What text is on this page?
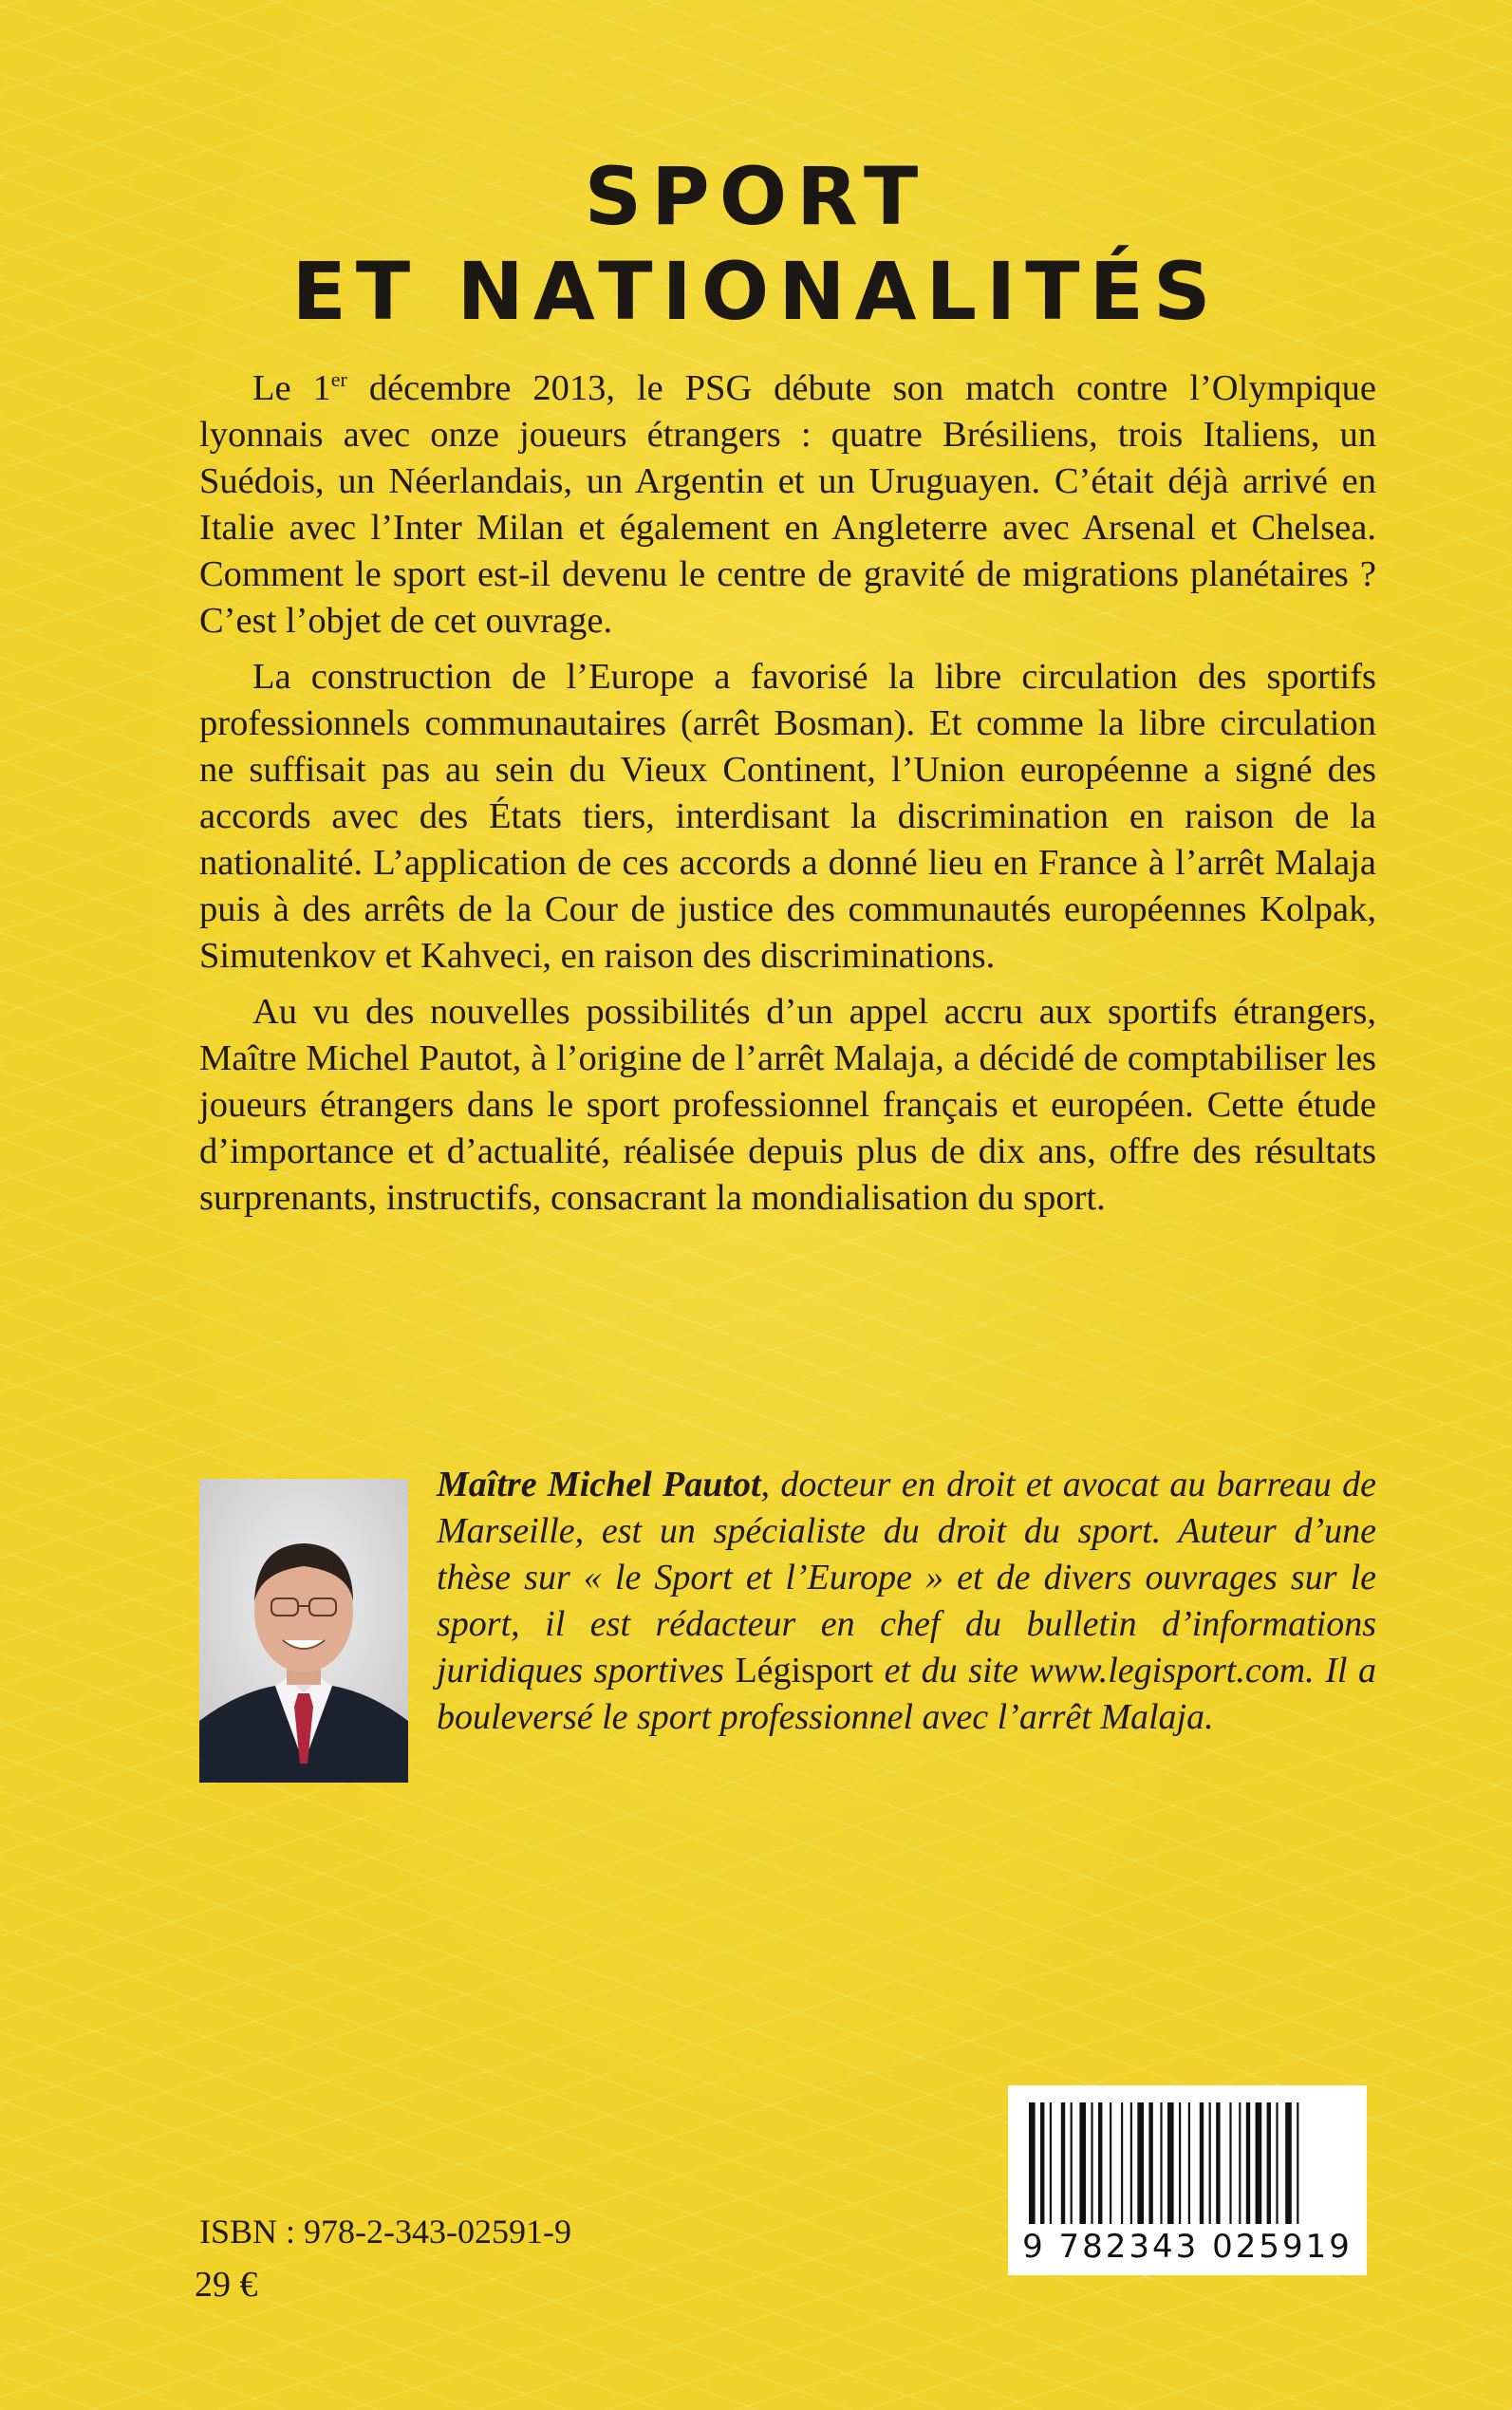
SPORT
ET NATIONALITÉS

Le 1er décembre 2013, le PSG débute son match contre l’Olympique lyonnais avec onze joueurs étrangers : quatre Brésiliens, trois Italiens, un Suédois, un Néerlandais, un Argentin et un Uruguayen. C’était déjà arrivé en Italie avec l’Inter Milan et également en Angleterre avec Arsenal et Chelsea. Comment le sport est-il devenu le centre de gravité de migrations planétaires ? C’est l’objet de cet ouvrage.

La construction de l’Europe a favorisé la libre circulation des sportifs professionnels communautaires (arrêt Bosman). Et comme la libre circulation ne suffisait pas au sein du Vieux Continent, l’Union européenne a signé des accords avec des États tiers, interdisant la discrimination en raison de la nationalité. L’application de ces accords a donné lieu en France à l’arrêt Malaja puis à des arrêts de la Cour de justice des communautés européennes Kolpak, Simutenkov et Kahveci, en raison des discriminations.

Au vu des nouvelles possibilités d’un appel accru aux sportifs étrangers, Maître Michel Pautot, à l’origine de l’arrêt Malaja, a décidé de comptabiliser les joueurs étrangers dans le sport professionnel français et européen. Cette étude d’importance et d’actualité, réalisée depuis plus de dix ans, offre des résultats surprenants, instructifs, consacrant la mondialisation du sport.

Maître Michel Pautot, docteur en droit et avocat au barreau de Marseille, est un spécialiste du droit du sport. Auteur d’une thèse sur « le Sport et l’Europe » et de divers ouvrages sur le sport, il est rédacteur en chef du bulletin d’informations juridiques sportives Légisport et du site www.legisport.com. Il a bouleversé le sport professionnel avec l’arrêt Malaja.
ISBN : 978-2-343-02591-9
29 €
9 782343 025919
